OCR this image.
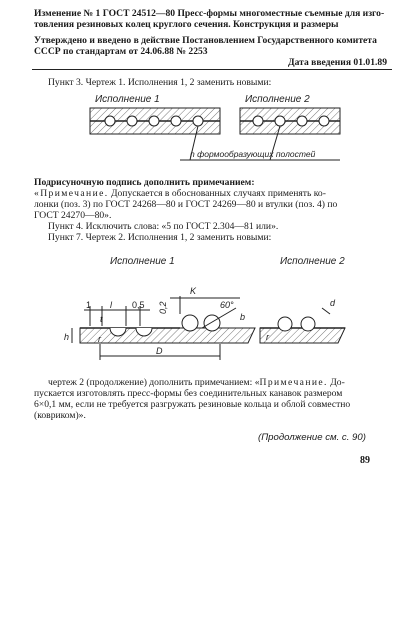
Изменение № 1 ГОСТ 24512—80 Пресс-формы многоместные съемные для изго-
товления резиновых колец круглого сечения. Конструкция и размеры
Утверждено и введено в действие Постановлением Государственного комитета
СССР по стандартам от 24.06.88 № 2253
Дата введения 01.01.89
Пункт 3. Чертеж 1. Исполнения 1, 2 заменить новыми:
Исполнение 1	Исполнение 2
n формообразующих полостей
Подрисуночную подпись дополнить примечанием:
«Примечание. Допускается в обоснованных случаях применять ко-
лонки (поз. 3) по ГОСТ 24268—80 и ГОСТ 24269—80 и втулки (поз. 4) по
ГОСТ 24270—80».
Пункт 4. Исключить слова: «5 по ГОСТ 2.304—81 или».
Пункт 7. Чертеж 2. Исполнения 1, 2 заменить новыми:
Исполнение 1	Исполнение 2
1 l 0,5
K
60°
b
0,2
t
r
h
D
d
r
чертеж 2 (продолжение) дополнить примечанием: «Примечание. До-
пускается изготовлять пресс-формы без соединительных канавок размером
6×0,1 мм, если не требуется разгружать резиновые кольца и облой совместно
(ковриком)».
(Продолжение см. с. 90)
89
